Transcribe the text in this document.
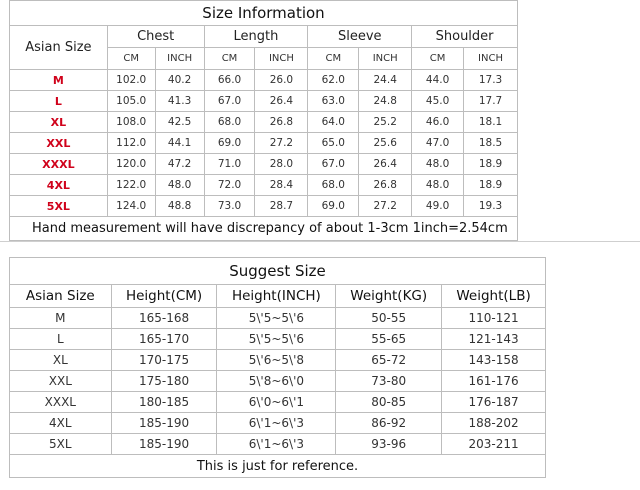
Size Information								
Asian Size	Chest		Length		Sleeve		Shoulder	
	CM	INCH	CM	INCH	CM	INCH	CM	INCH
M	102.0	40.2	66.0	26.0	62.0	24.4	44.0	17.3
L	105.0	41.3	67.0	26.4	63.0	24.8	45.0	17.7
XL	108.0	42.5	68.0	26.8	64.0	25.2	46.0	18.1
XXL	112.0	44.1	69.0	27.2	65.0	25.6	47.0	18.5
XXXL	120.0	47.2	71.0	28.0	67.0	26.4	48.0	18.9
4XL	122.0	48.0	72.0	28.4	68.0	26.8	48.0	18.9
5XL	124.0	48.8	73.0	28.7	69.0	27.2	49.0	19.3
Hand measurement will have discrepancy of about 1-3cm 1inch=2.54cm								
Suggest Size				
Asian Size	Height(CM)	Height(INCH)	Weight(KG)	Weight(LB)
M	165-168	5\'5~5\'6	50-55	110-121
L	165-170	5\'5~5\'6	55-65	121-143
XL	170-175	5\'6~5\'8	65-72	143-158
XXL	175-180	5\'8~6\'0	73-80	161-176
XXXL	180-185	6\'0~6\'1	80-85	176-187
4XL	185-190	6\'1~6\'3	86-92	188-202
5XL	185-190	6\'1~6\'3	93-96	203-211
This is just for reference.				
